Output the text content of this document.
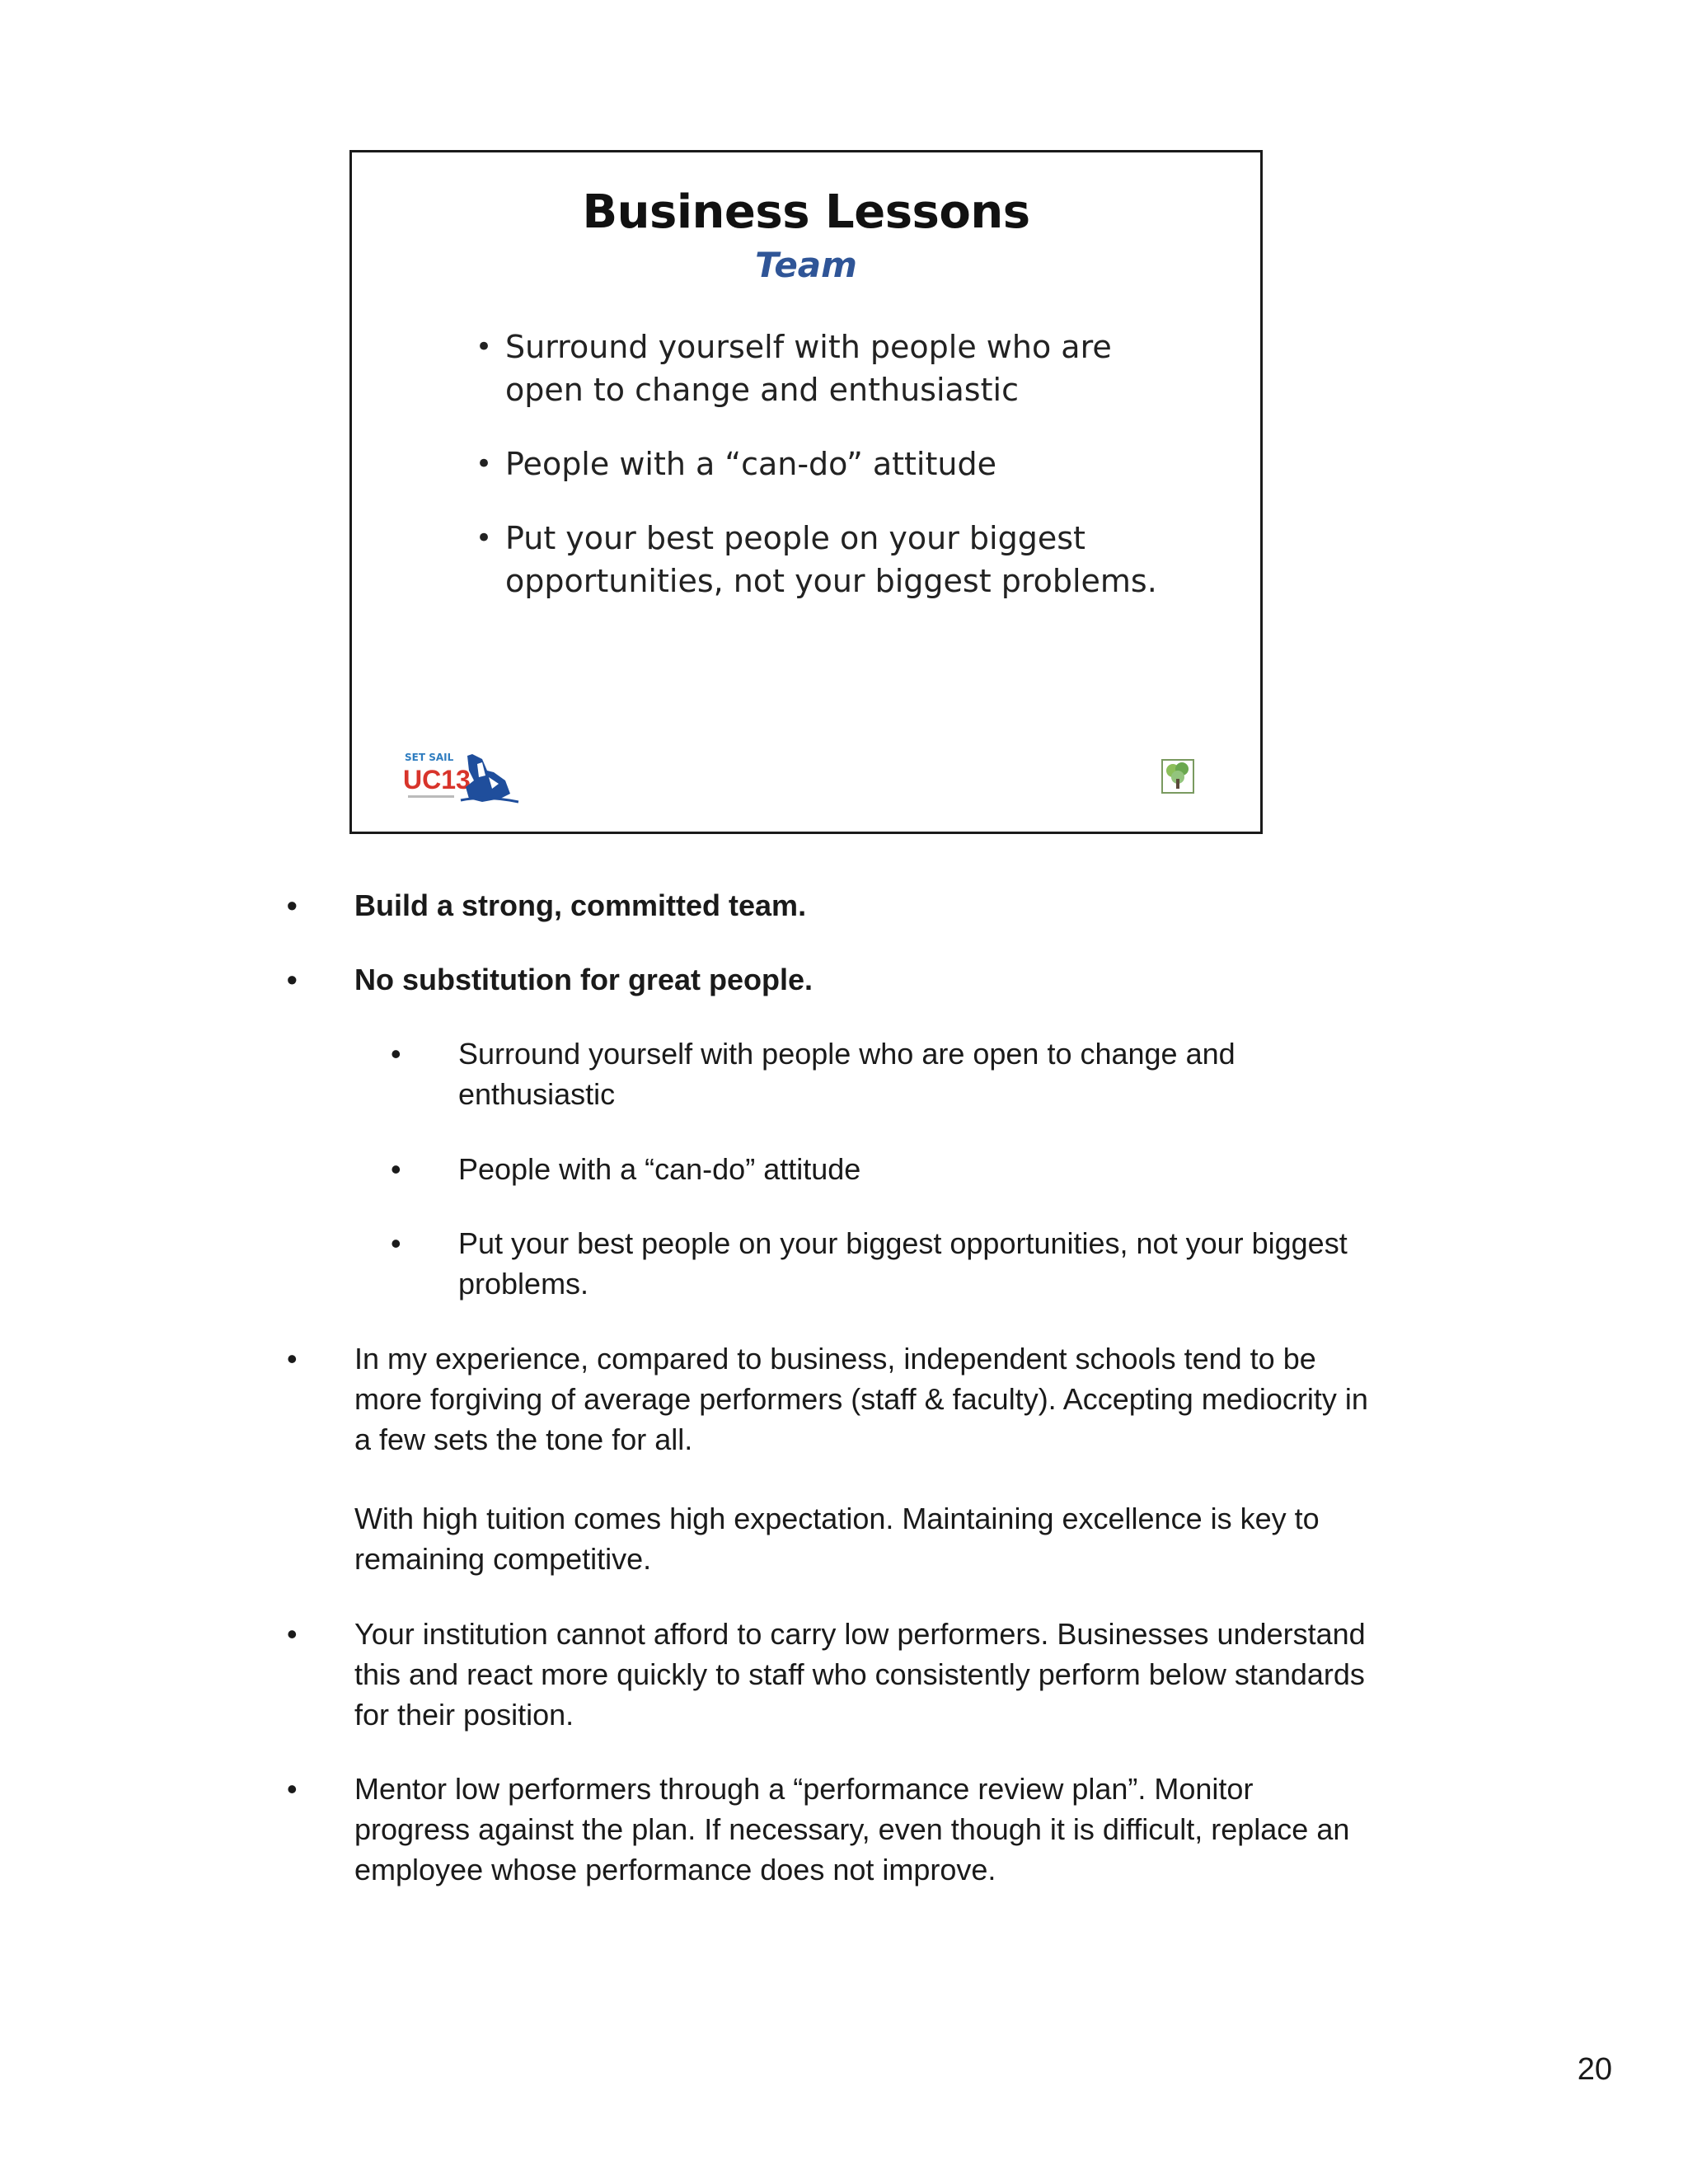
Business Lessons
Team
• Surround yourself with people who are open to change and enthusiastic
• People with a “can-do” attitude
• Put your best people on your biggest opportunities, not your biggest problems.
SET SAIL
UC13
• Build a strong, committed team.
• No substitution for great people.
• Surround yourself with people who are open to change and enthusiastic
• People with a “can-do” attitude
• Put your best people on your biggest opportunities, not your biggest problems.
• In my experience, compared to business, independent schools tend to be more forgiving of average performers (staff & faculty). Accepting mediocrity in a few sets the tone for all.
With high tuition comes high expectation. Maintaining excellence is key to remaining competitive.
• Your institution cannot afford to carry low performers. Businesses understand this and react more quickly to staff who consistently perform below standards for their position.
• Mentor low performers through a “performance review plan”. Monitor progress against the plan. If necessary, even though it is difficult, replace an employee whose performance does not improve.
20
